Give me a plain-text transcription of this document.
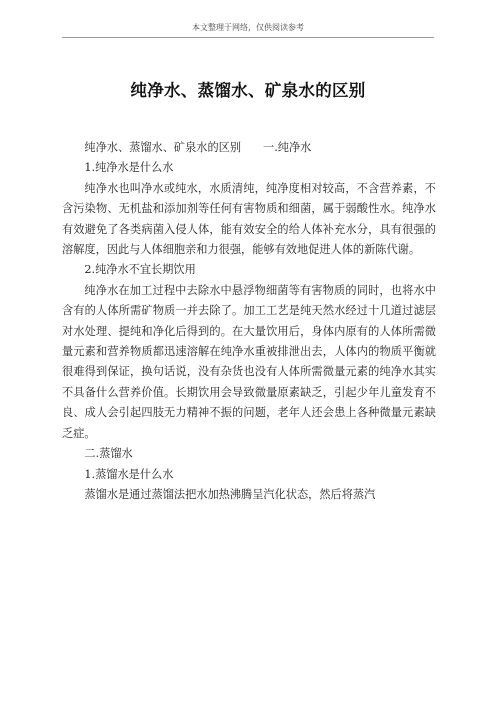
本文整理于网络，仅供阅读参考
纯净水、蒸馏水、矿泉水的区别

纯净水、蒸馏水、矿泉水的区别 一.纯净水

1.纯净水是什么水

纯净水也叫净水或纯水，水质清纯，纯净度相对较高，不含营养素，不含污染物、无机盐和添加剂等任何有害物质和细菌，属于弱酸性水。纯净水有效避免了各类病菌入侵人体，能有效安全的给人体补充水分，具有很强的溶解度，因此与人体细胞亲和力很强，能够有效地促进人体的新陈代谢。

2.纯净水不宜长期饮用

纯净水在加工过程中去除水中悬浮物细菌等有害物质的同时，也将水中含有的人体所需矿物质一并去除了。加工工艺是纯天然水经过十几道过滤层对水处理、提纯和净化后得到的。在大量饮用后，身体内原有的人体所需微量元素和营养物质都迅速溶解在纯净水重被排泄出去，人体内的物质平衡就很难得到保证，换句话说，没有杂货也没有人体所需微量元素的纯净水其实不具备什么营养价值。长期饮用会导致微量原素缺乏，引起少年儿童发育不良、成人会引起四肢无力精神不振的问题，老年人还会患上各种微量元素缺乏症。

二.蒸馏水

1.蒸馏水是什么水

蒸馏水是通过蒸馏法把水加热沸腾呈汽化状态，然后将蒸汽
